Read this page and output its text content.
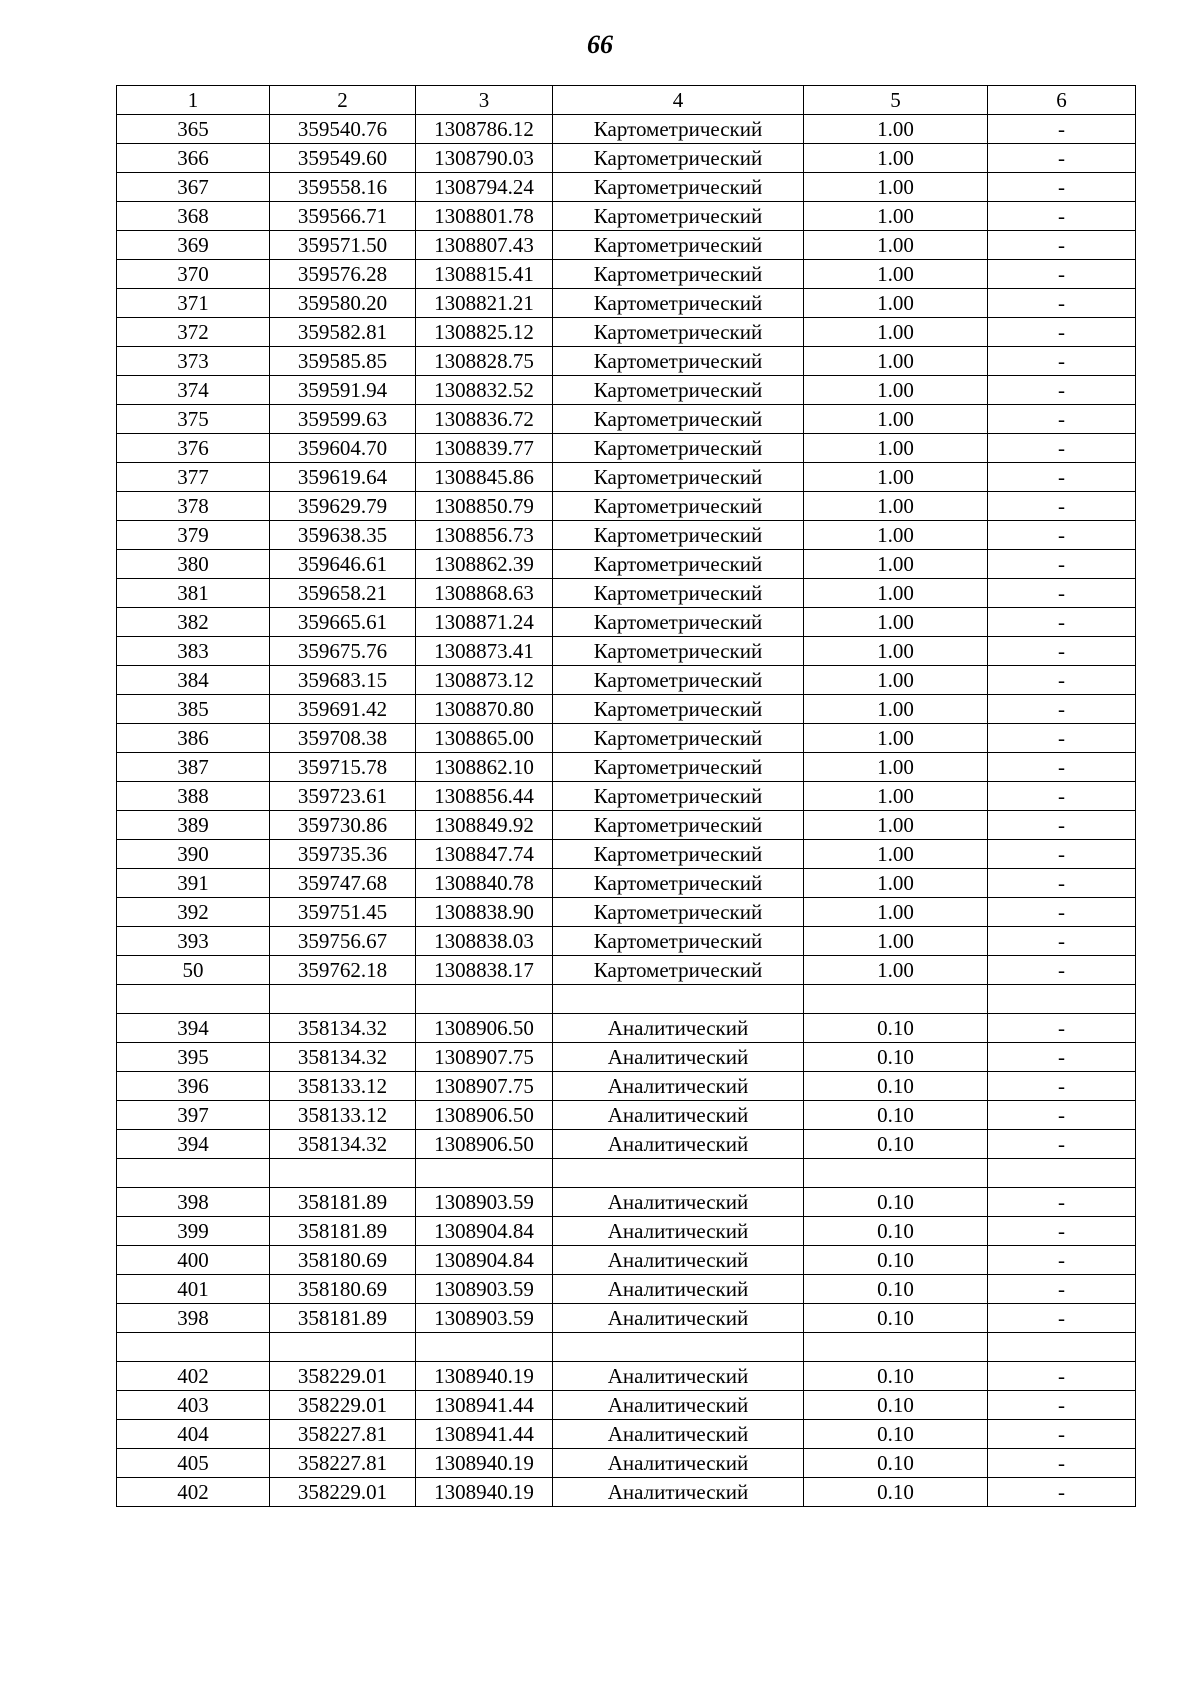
66
1	2	3	4	5	6
365	359540.76	1308786.12	Картометрический	1.00	-
366	359549.60	1308790.03	Картометрический	1.00	-
367	359558.16	1308794.24	Картометрический	1.00	-
368	359566.71	1308801.78	Картометрический	1.00	-
369	359571.50	1308807.43	Картометрический	1.00	-
370	359576.28	1308815.41	Картометрический	1.00	-
371	359580.20	1308821.21	Картометрический	1.00	-
372	359582.81	1308825.12	Картометрический	1.00	-
373	359585.85	1308828.75	Картометрический	1.00	-
374	359591.94	1308832.52	Картометрический	1.00	-
375	359599.63	1308836.72	Картометрический	1.00	-
376	359604.70	1308839.77	Картометрический	1.00	-
377	359619.64	1308845.86	Картометрический	1.00	-
378	359629.79	1308850.79	Картометрический	1.00	-
379	359638.35	1308856.73	Картометрический	1.00	-
380	359646.61	1308862.39	Картометрический	1.00	-
381	359658.21	1308868.63	Картометрический	1.00	-
382	359665.61	1308871.24	Картометрический	1.00	-
383	359675.76	1308873.41	Картометрический	1.00	-
384	359683.15	1308873.12	Картометрический	1.00	-
385	359691.42	1308870.80	Картометрический	1.00	-
386	359708.38	1308865.00	Картометрический	1.00	-
387	359715.78	1308862.10	Картометрический	1.00	-
388	359723.61	1308856.44	Картометрический	1.00	-
389	359730.86	1308849.92	Картометрический	1.00	-
390	359735.36	1308847.74	Картометрический	1.00	-
391	359747.68	1308840.78	Картометрический	1.00	-
392	359751.45	1308838.90	Картометрический	1.00	-
393	359756.67	1308838.03	Картометрический	1.00	-
50	359762.18	1308838.17	Картометрический	1.00	-

394	358134.32	1308906.50	Аналитический	0.10	-
395	358134.32	1308907.75	Аналитический	0.10	-
396	358133.12	1308907.75	Аналитический	0.10	-
397	358133.12	1308906.50	Аналитический	0.10	-
394	358134.32	1308906.50	Аналитический	0.10	-

398	358181.89	1308903.59	Аналитический	0.10	-
399	358181.89	1308904.84	Аналитический	0.10	-
400	358180.69	1308904.84	Аналитический	0.10	-
401	358180.69	1308903.59	Аналитический	0.10	-
398	358181.89	1308903.59	Аналитический	0.10	-

402	358229.01	1308940.19	Аналитический	0.10	-
403	358229.01	1308941.44	Аналитический	0.10	-
404	358227.81	1308941.44	Аналитический	0.10	-
405	358227.81	1308940.19	Аналитический	0.10	-
402	358229.01	1308940.19	Аналитический	0.10	-
